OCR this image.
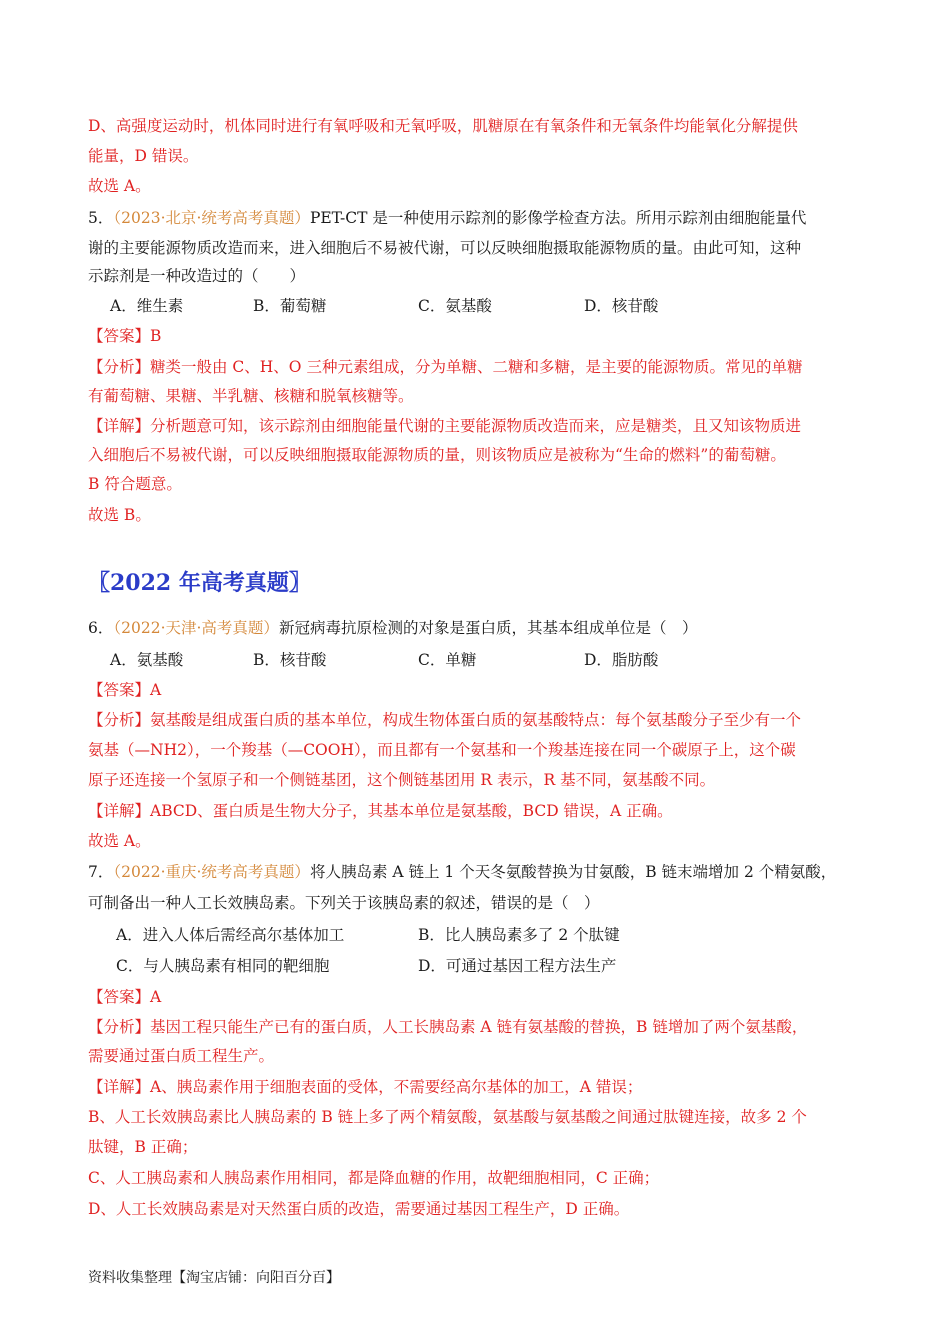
D、高强度运动时，机体同时进行有氧呼吸和无氧呼吸，肌糖原在有氧条件和无氧条件均能氧化分解提供
能量，D 错误。
故选 A。
5．（2023·北京·统考高考真题）PET-CT 是一种使用示踪剂的影像学检查方法。所用示踪剂由细胞能量代
谢的主要能源物质改造而来，进入细胞后不易被代谢，可以反映细胞摄取能源物质的量。由此可知，这种
示踪剂是一种改造过的（　　）
A．维生素	B．葡萄糖	C．氨基酸	D．核苷酸
【答案】B
【分析】糖类一般由 C、H、O 三种元素组成，分为单糖、二糖和多糖，是主要的能源物质。常见的单糖
有葡萄糖、果糖、半乳糖、核糖和脱氧核糖等。
【详解】分析题意可知，该示踪剂由细胞能量代谢的主要能源物质改造而来，应是糖类，且又知该物质进
入细胞后不易被代谢，可以反映细胞摄取能源物质的量，则该物质应是被称为“生命的燃料”的葡萄糖。
B 符合题意。
故选 B。
〖2022 年高考真题〗
6．（2022·天津·高考真题）新冠病毒抗原检测的对象是蛋白质，其基本组成单位是（　）
A．氨基酸	B．核苷酸	C．单糖	D．脂肪酸
【答案】A
【分析】氨基酸是组成蛋白质的基本单位，构成生物体蛋白质的氨基酸特点：每个氨基酸分子至少有一个
氨基（—NH2），一个羧基（—COOH），而且都有一个氨基和一个羧基连接在同一个碳原子上，这个碳
原子还连接一个氢原子和一个侧链基团，这个侧链基团用 R 表示，R 基不同，氨基酸不同。
【详解】ABCD、蛋白质是生物大分子，其基本单位是氨基酸，BCD 错误，A 正确。
故选 A。
7．（2022·重庆·统考高考真题）将人胰岛素 A 链上 1 个天冬氨酸替换为甘氨酸，B 链末端增加 2 个精氨酸，
可制备出一种人工长效胰岛素。下列关于该胰岛素的叙述，错误的是（　）
A．进入人体后需经高尔基体加工	B．比人胰岛素多了 2 个肽键
C．与人胰岛素有相同的靶细胞	D．可通过基因工程方法生产
【答案】A
【分析】基因工程只能生产已有的蛋白质，人工长胰岛素 A 链有氨基酸的替换，B 链增加了两个氨基酸，
需要通过蛋白质工程生产。
【详解】A、胰岛素作用于细胞表面的受体，不需要经高尔基体的加工，A 错误；
B、人工长效胰岛素比人胰岛素的 B 链上多了两个精氨酸，氨基酸与氨基酸之间通过肽键连接，故多 2 个
肽键，B 正确；
C、人工胰岛素和人胰岛素作用相同，都是降血糖的作用，故靶细胞相同，C 正确；
D、人工长效胰岛素是对天然蛋白质的改造，需要通过基因工程生产，D 正确。
资料收集整理【淘宝店铺：向阳百分百】
